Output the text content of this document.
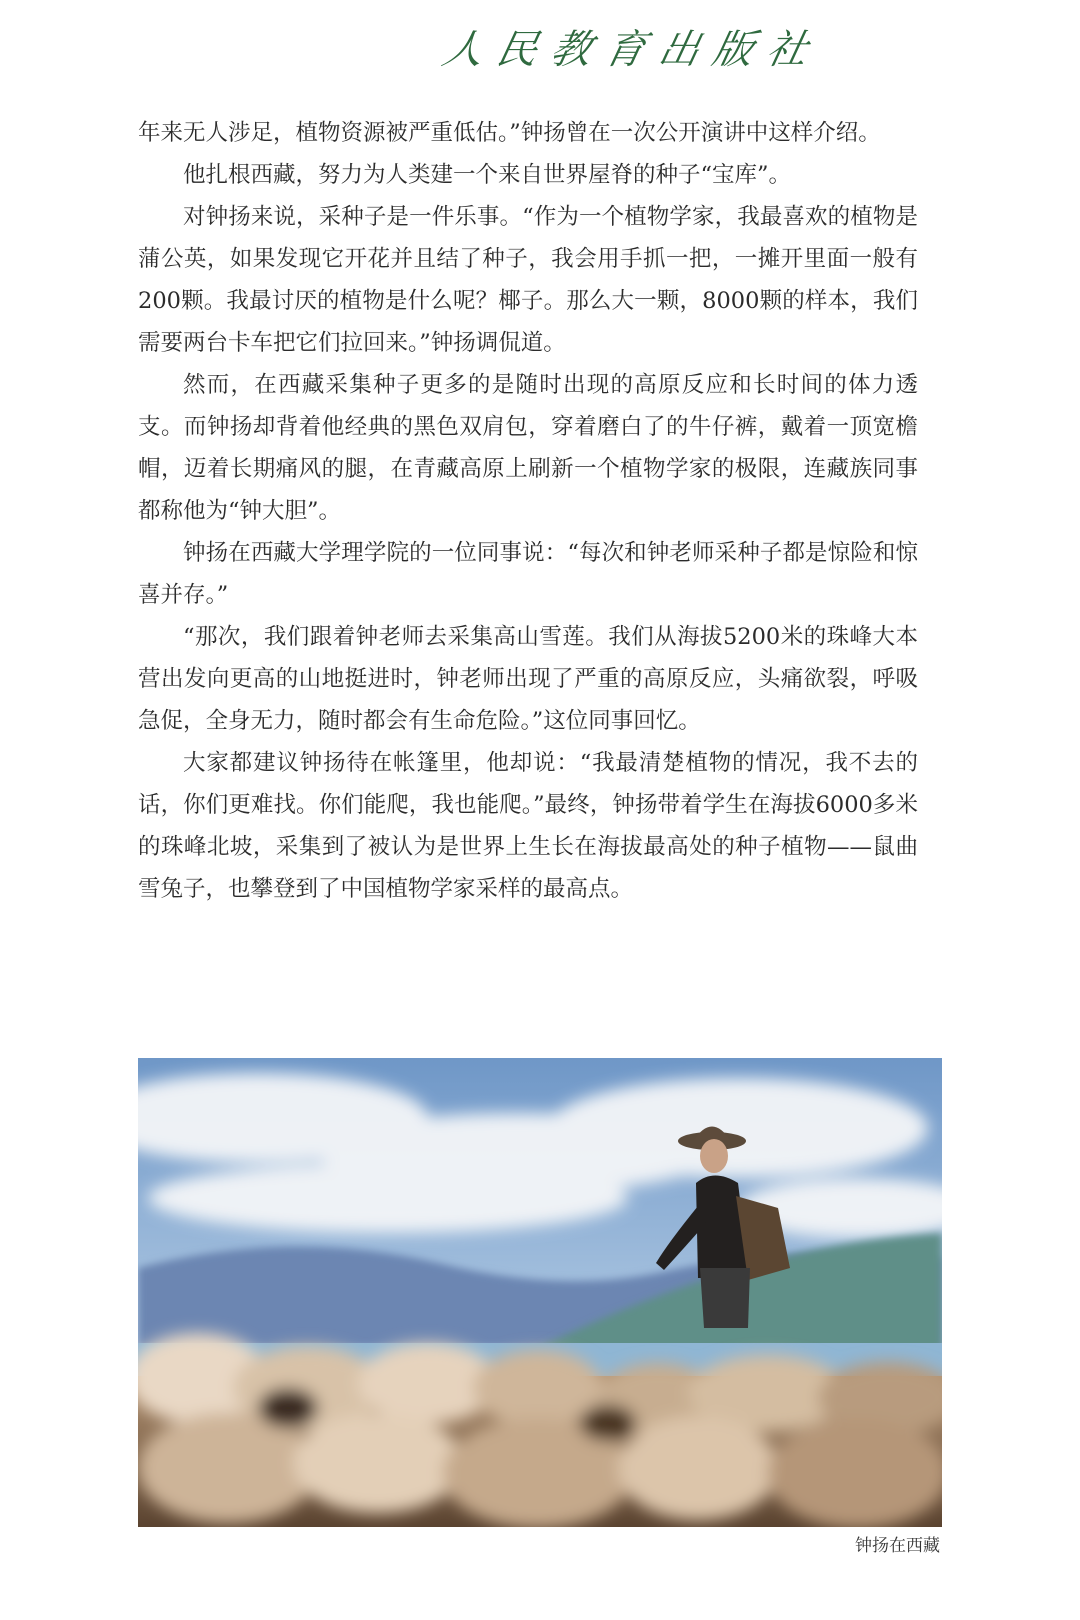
人民教育出版社

年来无人涉足，植物资源被严重低估。”钟扬曾在一次公开演讲中这样介绍。

他扎根西藏，努力为人类建一个来自世界屋脊的种子“宝库”。

对钟扬来说，采种子是一件乐事。“作为一个植物学家，我最喜欢的植物是蒲公英，如果发现它开花并且结了种子，我会用手抓一把，一摊开里面一般有200颗。我最讨厌的植物是什么呢？椰子。那么大一颗，8000颗的样本，我们需要两台卡车把它们拉回来。”钟扬调侃道。

然而，在西藏采集种子更多的是随时出现的高原反应和长时间的体力透支。而钟扬却背着他经典的黑色双肩包，穿着磨白了的牛仔裤，戴着一顶宽檐帽，迈着长期痛风的腿，在青藏高原上刷新一个植物学家的极限，连藏族同事都称他为“钟大胆”。

钟扬在西藏大学理学院的一位同事说：“每次和钟老师采种子都是惊险和惊喜并存。”

“那次，我们跟着钟老师去采集高山雪莲。我们从海拔5200米的珠峰大本营出发向更高的山地挺进时，钟老师出现了严重的高原反应，头痛欲裂，呼吸急促，全身无力，随时都会有生命危险。”这位同事回忆。

大家都建议钟扬待在帐篷里，他却说：“我最清楚植物的情况，我不去的话，你们更难找。你们能爬，我也能爬。”最终，钟扬带着学生在海拔6000多米的珠峰北坡，采集到了被认为是世界上生长在海拔最高处的种子植物——鼠曲雪兔子，也攀登到了中国植物学家采样的最高点。

钟扬在西藏
